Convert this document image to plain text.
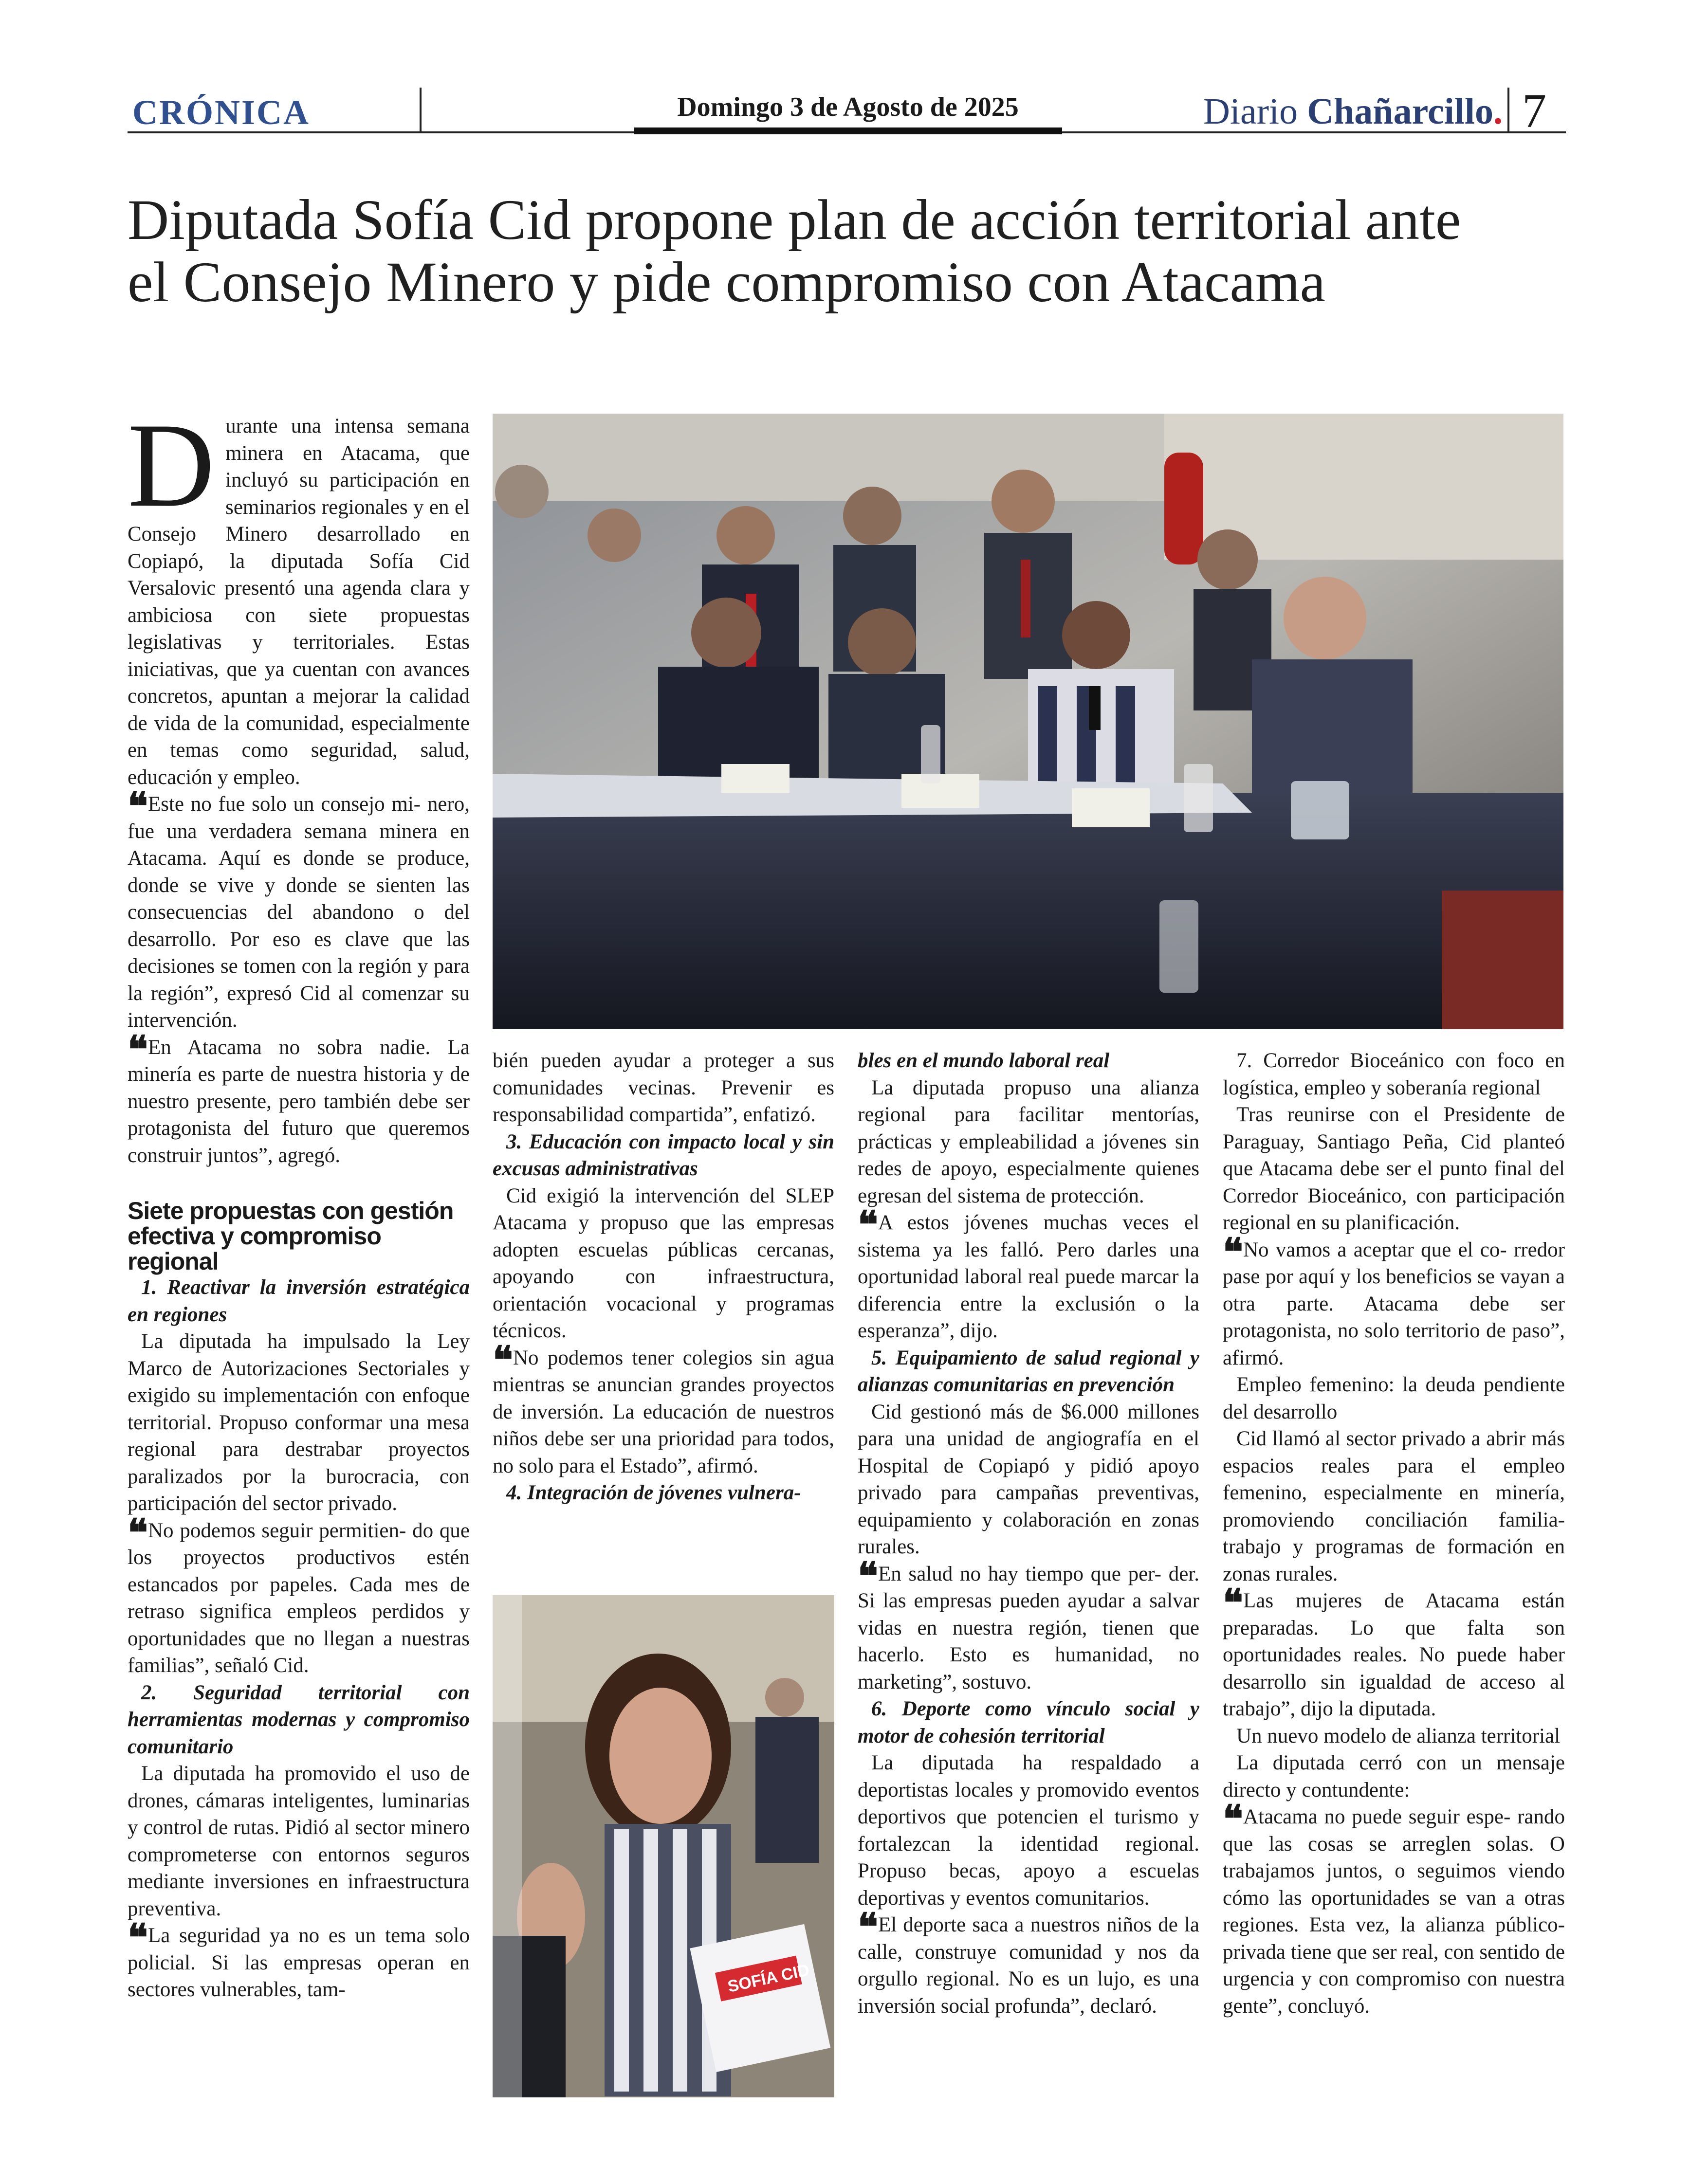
CRÓNICA	Domingo 3 de Agosto de 2025	Diario Chañarcillo. 7
Diputada Sofía Cid propone plan de acción territorial ante el Consejo Minero y pide compromiso con Atacama
SOFÍA CID

Durante una intensa semana minera en Atacama, que incluyó su participación en seminarios regionales y en el Consejo Minero desarrollado en Copiapó, la diputada Sofía Cid Versalovic presentó una agenda clara y ambiciosa con siete propuestas legislativas y territoriales. Estas iniciativas, que ya cuentan con avances concretos, apuntan a mejorar la calidad de vida de la comunidad, especialmente en temas como seguridad, salud, educación y empleo.

❝ Este no fue solo un consejo mi- nero, fue una verdadera semana minera en Atacama. Aquí es donde se produce, donde se vive y donde se sienten las consecuencias del abandono o del desarrollo. Por eso es clave que las decisiones se tomen con la región y para la región”, expresó Cid al comenzar su intervención.

❝ En Atacama no sobra nadie. La minería es parte de nuestra historia y de nuestro presente, pero también debe ser protagonista del futuro que queremos construir juntos”, agregó.

Siete propuestas con gestión efectiva y compromiso regional

1. Reactivar la inversión estratégica en regiones

La diputada ha impulsado la Ley Marco de Autorizaciones Sectoriales y exigido su implementación con enfoque territorial. Propuso conformar una mesa regional para destrabar proyectos paralizados por la burocracia, con participación del sector privado.

❝ No podemos seguir permitien- do que los proyectos productivos estén estancados por papeles. Cada mes de retraso significa empleos perdidos y oportunidades que no llegan a nuestras familias”, señaló Cid.

2. Seguridad territorial con herramientas modernas y compromiso comunitario

La diputada ha promovido el uso de drones, cámaras inteligentes, luminarias y control de rutas. Pidió al sector minero comprometerse con entornos seguros mediante inversiones en infraestructura preventiva.

❝ La seguridad ya no es un tema solo policial. Si las empresas operan en sectores vulnerables, tam-

bién pueden ayudar a proteger a sus comunidades vecinas. Prevenir es responsabilidad compartida”, enfatizó.

3. Educación con impacto local y sin excusas administrativas

Cid exigió la intervención del SLEP Atacama y propuso que las empresas adopten escuelas públicas cercanas, apoyando con infraestructura, orientación vocacional y programas técnicos.

❝ No podemos tener colegios sin agua mientras se anuncian grandes proyectos de inversión. La educación de nuestros niños debe ser una prioridad para todos, no solo para el Estado”, afirmó.

4. Integración de jóvenes vulnera-

bles en el mundo laboral real

La diputada propuso una alianza regional para facilitar mentorías, prácticas y empleabilidad a jóvenes sin redes de apoyo, especialmente quienes egresan del sistema de protección.

❝ A estos jóvenes muchas veces el sistema ya les falló. Pero darles una oportunidad laboral real puede marcar la diferencia entre la exclusión o la esperanza”, dijo.

5. Equipamiento de salud regional y alianzas comunitarias en prevención

Cid gestionó más de $6.000 millones para una unidad de angiografía en el Hospital de Copiapó y pidió apoyo privado para campañas preventivas, equipamiento y colaboración en zonas rurales.

❝ En salud no hay tiempo que per- der. Si las empresas pueden ayudar a salvar vidas en nuestra región, tienen que hacerlo. Esto es humanidad, no marketing”, sostuvo.

6. Deporte como vínculo social y motor de cohesión territorial

La diputada ha respaldado a deportistas locales y promovido eventos deportivos que potencien el turismo y fortalezcan la identidad regional. Propuso becas, apoyo a escuelas deportivas y eventos comunitarios.

❝ El deporte saca a nuestros niños de la calle, construye comunidad y nos da orgullo regional. No es un lujo, es una inversión social profunda”, declaró.

7. Corredor Bioceánico con foco en logística, empleo y soberanía regional

Tras reunirse con el Presidente de Paraguay, Santiago Peña, Cid planteó que Atacama debe ser el punto final del Corredor Bioceánico, con participación regional en su planificación.

❝ No vamos a aceptar que el co- rredor pase por aquí y los beneficios se vayan a otra parte. Atacama debe ser protagonista, no solo territorio de paso”, afirmó.

Empleo femenino: la deuda pendiente del desarrollo

Cid llamó al sector privado a abrir más espacios reales para el empleo femenino, especialmente en minería, promoviendo conciliación familia-trabajo y programas de formación en zonas rurales.

❝ Las mujeres de Atacama están preparadas. Lo que falta son oportunidades reales. No puede haber desarrollo sin igualdad de acceso al trabajo”, dijo la diputada.

Un nuevo modelo de alianza territorial

La diputada cerró con un mensaje directo y contundente:

❝ Atacama no puede seguir espe- rando que las cosas se arreglen solas. O trabajamos juntos, o seguimos viendo cómo las oportunidades se van a otras regiones. Esta vez, la alianza público-privada tiene que ser real, con sentido de urgencia y con compromiso con nuestra gente”, concluyó.
